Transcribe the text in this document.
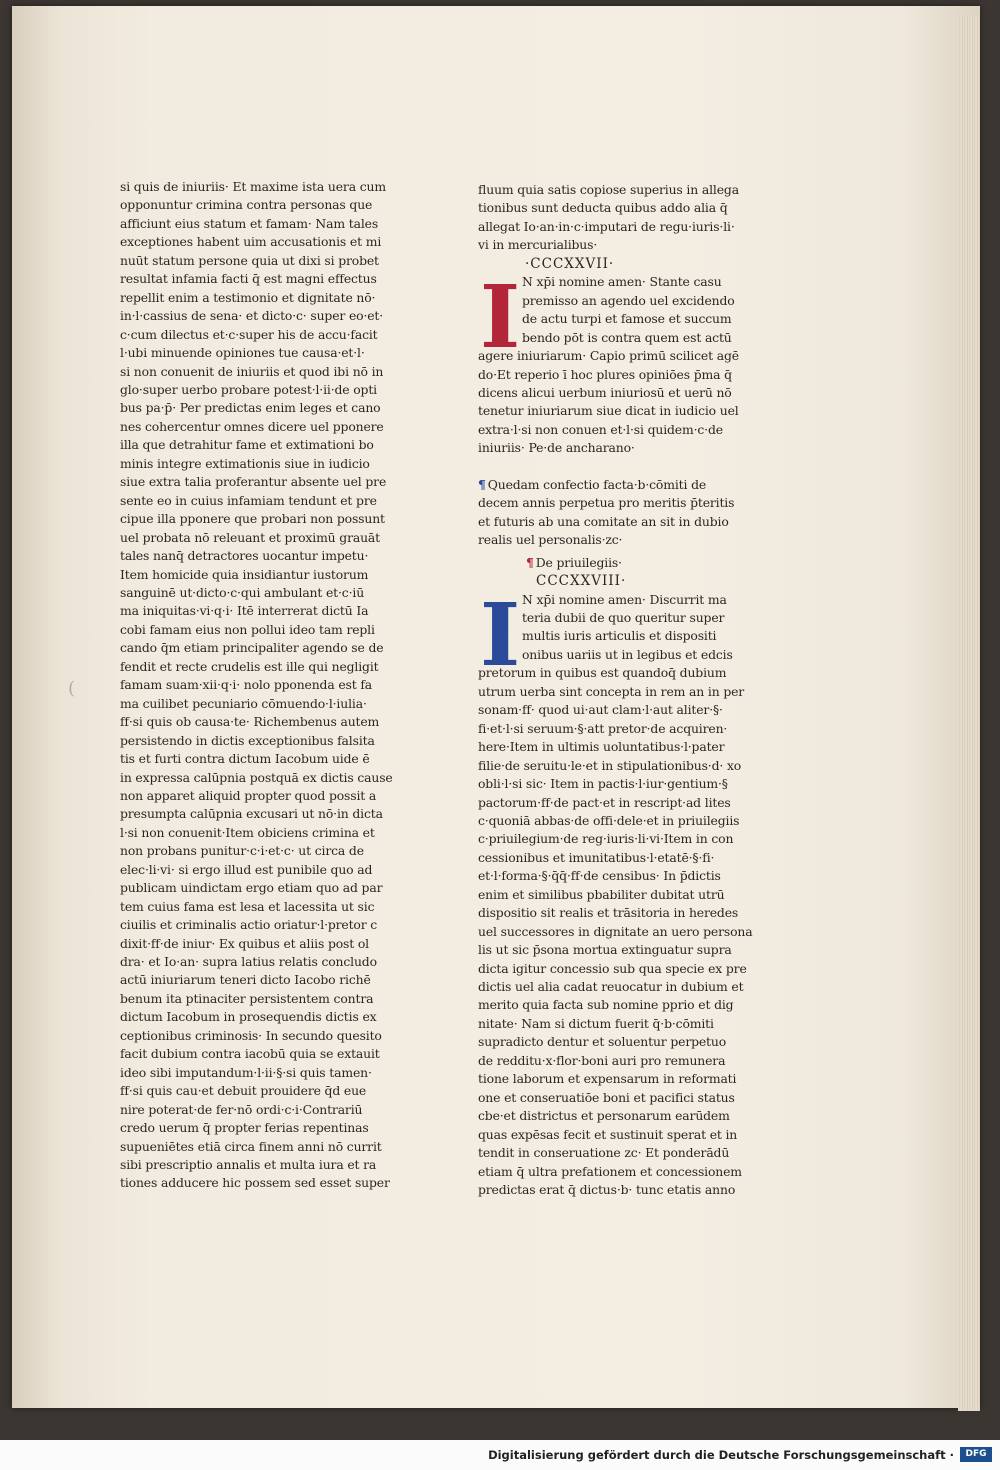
(
si quis de iniuriis· Et maxime ista uera cum
opponuntur crimina contra personas que
afficiunt eius statum et famam· Nam tales
exceptiones habent uim accusationis et mi
nuūt statum persone quia ut dixi si probet
resultat infamia facti q̄ est magni effectus
repellit enim a testimonio et dignitate nō·
in·l·cassius de sena· et dicto·c· super eo·et·
c·cum dilectus et·c·super his de accu·facit
l·ubi minuende opiniones tue causa·et·l·
si non conuenit de iniuriis et quod ibi nō in
glo·super uerbo probare potest·l·ii·de opti
bus pa·p̄· Per predictas enim leges et cano
nes cohercentur omnes dicere uel pponere
illa que detrahitur fame et extimationi bo
minis integre extimationis siue in iudicio
siue extra talia proferantur absente uel pre
sente eo in cuius infamiam tendunt et pre
cipue illa pponere que probari non possunt
uel probata nō releuant et proximū grauāt
tales nanq̄ detractores uocantur impetu·
Item homicide quia insidiantur iustorum
sanguinē ut·dicto·c·qui ambulant et·c·iū
ma iniquitas·vi·q·i· Itē interrerat dictū Ia
cobi famam eius non pollui ideo tam repli
cando q̄m etiam principaliter agendo se de
fendit et recte crudelis est ille qui negligit
famam suam·xii·q·i· nolo pponenda est fa
ma cuilibet pecuniario cōmuendo·l·iulia·
ff·si quis ob causa·te· Richembenus autem
persistendo in dictis exceptionibus falsita
tis et furti contra dictum Iacobum uide ē
in expressa calūpnia postquā ex dictis cause
non apparet aliquid propter quod possit a
presumpta calūpnia excusari ut nō·in dicta
l·si non conuenit·Item obiciens crimina et
non probans punitur·c·i·et·c· ut circa de
elec·li·vi· si ergo illud est punibile quo ad
publicam uindictam ergo etiam quo ad par
tem cuius fama est lesa et lacessita ut sic
ciuilis et criminalis actio oriatur·l·pretor c
dixit·ff·de iniur· Ex quibus et aliis post ol
dra· et Io·an· supra latius relatis concludo
actū iniuriarum teneri dicto Iacobo richē
benum ita ptinaciter persistentem contra
dictum Iacobum in prosequendis dictis ex
ceptionibus criminosis· In secundo quesito
facit dubium contra iacobū quia se extauit
ideo sibi imputandum·l·ii·§·si quis tamen·
ff·si quis cau·et debuit prouidere q̄d eue
nire poterat·de fer·nō ordi·c·i·Contrariū
credo uerum q̄ propter ferias repentinas
supueniētes etiā circa finem anni nō currit
sibi prescriptio annalis et multa iura et ra
tiones adducere hic possem sed esset super
fluum quia satis copiose superius in allega
tionibus sunt deducta quibus addo alia q̄
allegat Io·an·in·c·imputari de regu·iuris·li·
vi in mercurialibus·
·CCCXXVII·
I N xp̄i nomine amen· Stante casu
premisso an agendo uel excidendo
de actu turpi et famose et succum
bendo pōt is contra quem est actū
agere iniuriarum· Capio primū scilicet agē
do·Et reperio ī hoc plures opiniōes p̄ma q̄
dicens alicui uerbum iniuriosū et uerū nō
tenetur iniuriarum siue dicat in iudicio uel
extra·l·si non conuen et·l·si quidem·c·de
iniuriis· Pe·de ancharano·
¶ Quedam confectio facta·b·cōmiti de
decem annis perpetua pro meritis p̄teritis
et futuris ab una comitate an sit in dubio
realis uel personalis·zc·
¶ De priuilegiis·
CCCXXVIII·
I N xp̄i nomine amen· Discurrit ma
teria dubii de quo queritur super
multis iuris articulis et dispositi
onibus uariis ut in legibus et edcis
pretorum in quibus est quandoq̄ dubium
utrum uerba sint concepta in rem an in per
sonam·ff· quod ui·aut clam·l·aut aliter·§·
fi·et·l·si seruum·§·att pretor·de acquiren·
here·Item in ultimis uoluntatibus·l·pater
filie·de seruitu·le·et in stipulationibus·d· xo
obli·l·si sic· Item in pactis·l·iur·gentium·§
pactorum·ff·de pact·et in rescript·ad lites
c·quoniā abbas·de offi·dele·et in priuilegiis
c·priuilegium·de reg·iuris·li·vi·Item in con
cessionibus et imunitatibus·l·etatē·§·fi·
et·l·forma·§·q̄q̄·ff·de censibus· In p̄dictis
enim et similibus pbabiliter dubitat utrū
dispositio sit realis et trāsitoria in heredes
uel successores in dignitate an uero persona
lis ut sic p̄sona mortua extinguatur supra
dicta igitur concessio sub qua specie ex pre
dictis uel alia cadat reuocatur in dubium et
merito quia facta sub nomine pprio et dig
nitate· Nam si dictum fuerit q̄·b·cōmiti
supradicto dentur et soluentur perpetuo
de redditu·x·flor·boni auri pro remunera
tione laborum et expensarum in reformati
one et conseruatiōe boni et pacifici status
cbe·et districtus et personarum earūdem
quas expēsas fecit et sustinuit sperat et in
tendit in conseruatione zc· Et ponderādū
etiam q̄ ultra prefationem et concessionem
predictas erat q̄ dictus·b· tunc etatis anno
Digitalisierung gefördert durch die Deutsche Forschungsgemeinschaft ·	DFG
